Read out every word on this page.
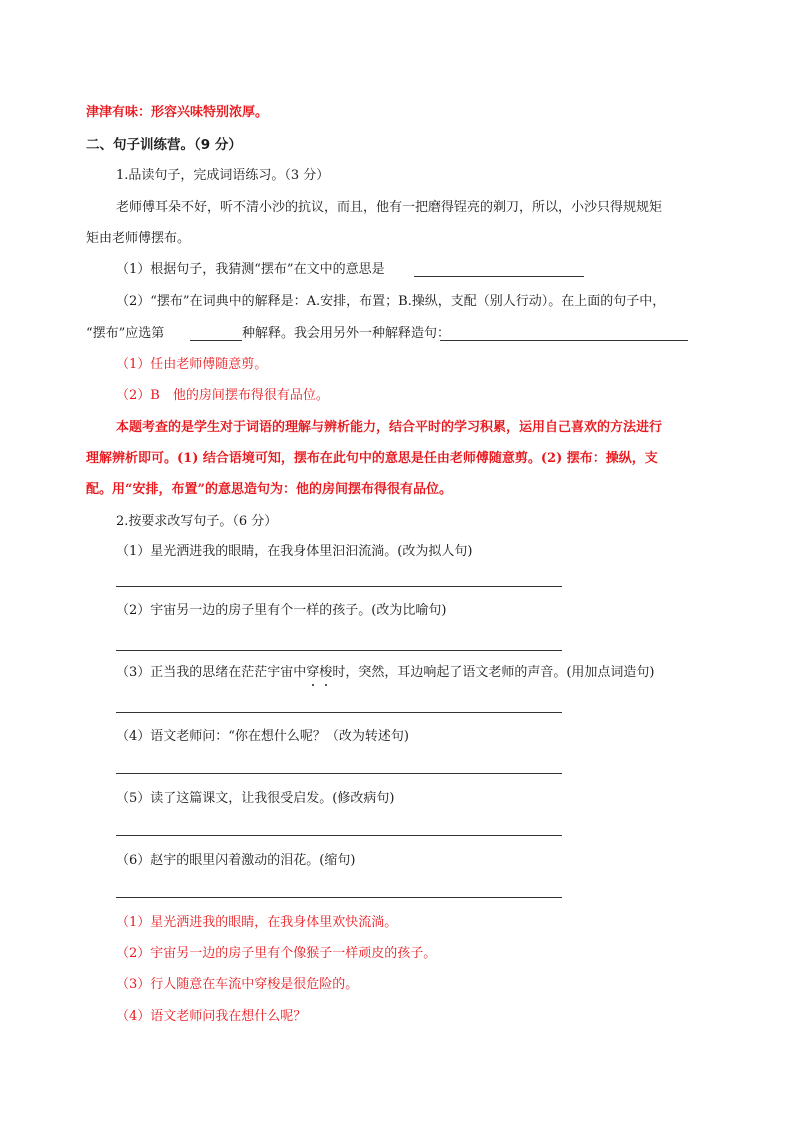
津津有味：形容兴味特别浓厚。
二、句子训练营。（9 分）
1.品读句子，完成词语练习。（3 分）
老师傅耳朵不好，听不清小沙的抗议，而且，他有一把磨得锃亮的剃刀，所以，小沙只得规规矩
矩由老师傅摆布。
（1）根据句子，我猜测“摆布”在文中的意思是
（2）“摆布”在词典中的解释是：A.安排，布置；B.操纵，支配（别人行动）。在上面的句子中，
“摆布”应选第	种解释。我会用另外一种解释造句：
（1）任由老师傅随意剪。
（2）B　他的房间摆布得很有品位。
本题考查的是学生对于词语的理解与辨析能力，结合平时的学习积累，运用自己喜欢的方法进行
理解辨析即可。(1) 结合语境可知，摆布在此句中的意思是任由老师傅随意剪。(2) 摆布：操纵，支
配。用“安排，布置”的意思造句为：他的房间摆布得很有品位。
2.按要求改写句子。（6 分）
（1）星光洒进我的眼睛，在我身体里汩汩流淌。(改为拟人句)
（2）宇宙另一边的房子里有个一样的孩子。(改为比喻句)
（3）正当我的思绪在茫茫宇宙中穿梭时，突然，耳边响起了语文老师的声音。(用加点词造句)
（4）语文老师问：“你在想什么呢？（改为转述句)
（5）读了这篇课文，让我很受启发。(修改病句)
（6）赵宇的眼里闪着激动的泪花。(缩句)
（1）星光洒进我的眼睛，在我身体里欢快流淌。
（2）宇宙另一边的房子里有个像猴子一样顽皮的孩子。
（3）行人随意在车流中穿梭是很危险的。
（4）语文老师问我在想什么呢？
